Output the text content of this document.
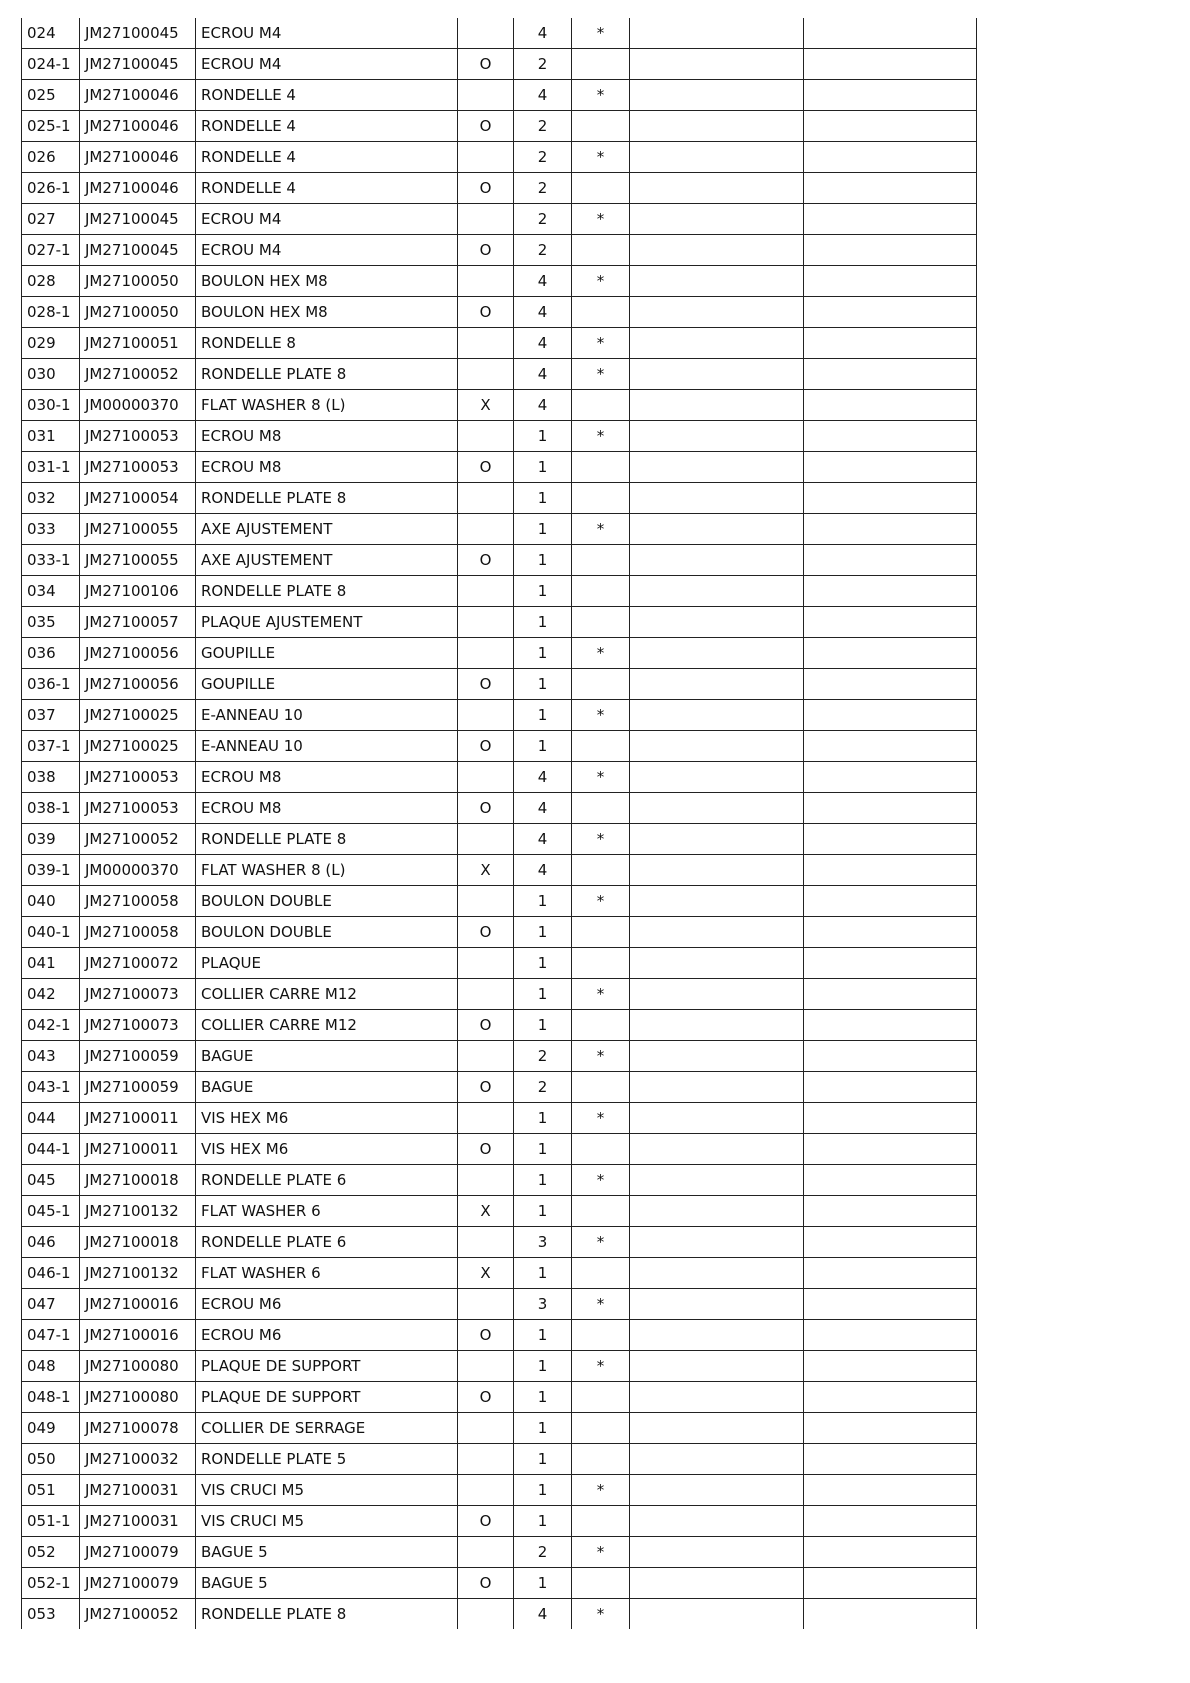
024	JM27100045	ECROU M4		4	*		
024-1	JM27100045	ECROU M4	O	2			
025	JM27100046	RONDELLE 4		4	*		
025-1	JM27100046	RONDELLE 4	O	2			
026	JM27100046	RONDELLE 4		2	*		
026-1	JM27100046	RONDELLE 4	O	2			
027	JM27100045	ECROU M4		2	*		
027-1	JM27100045	ECROU M4	O	2			
028	JM27100050	BOULON HEX M8		4	*		
028-1	JM27100050	BOULON HEX M8	O	4			
029	JM27100051	RONDELLE 8		4	*		
030	JM27100052	RONDELLE PLATE 8		4	*		
030-1	JM00000370	FLAT WASHER 8 (L)	X	4			
031	JM27100053	ECROU M8		1	*		
031-1	JM27100053	ECROU M8	O	1			
032	JM27100054	RONDELLE PLATE 8		1			
033	JM27100055	AXE AJUSTEMENT		1	*		
033-1	JM27100055	AXE AJUSTEMENT	O	1			
034	JM27100106	RONDELLE PLATE 8		1			
035	JM27100057	PLAQUE AJUSTEMENT		1			
036	JM27100056	GOUPILLE		1	*		
036-1	JM27100056	GOUPILLE	O	1			
037	JM27100025	E-ANNEAU 10		1	*		
037-1	JM27100025	E-ANNEAU 10	O	1			
038	JM27100053	ECROU M8		4	*		
038-1	JM27100053	ECROU M8	O	4			
039	JM27100052	RONDELLE PLATE 8		4	*		
039-1	JM00000370	FLAT WASHER 8 (L)	X	4			
040	JM27100058	BOULON DOUBLE		1	*		
040-1	JM27100058	BOULON DOUBLE	O	1			
041	JM27100072	PLAQUE		1			
042	JM27100073	COLLIER CARRE M12		1	*		
042-1	JM27100073	COLLIER CARRE M12	O	1			
043	JM27100059	BAGUE		2	*		
043-1	JM27100059	BAGUE	O	2			
044	JM27100011	VIS HEX M6		1	*		
044-1	JM27100011	VIS HEX M6	O	1			
045	JM27100018	RONDELLE PLATE 6		1	*		
045-1	JM27100132	FLAT WASHER 6	X	1			
046	JM27100018	RONDELLE PLATE 6		3	*		
046-1	JM27100132	FLAT WASHER 6	X	1			
047	JM27100016	ECROU M6		3	*		
047-1	JM27100016	ECROU M6	O	1			
048	JM27100080	PLAQUE DE SUPPORT		1	*		
048-1	JM27100080	PLAQUE DE SUPPORT	O	1			
049	JM27100078	COLLIER DE SERRAGE		1			
050	JM27100032	RONDELLE PLATE 5		1			
051	JM27100031	VIS CRUCI M5		1	*		
051-1	JM27100031	VIS CRUCI M5	O	1			
052	JM27100079	BAGUE 5		2	*		
052-1	JM27100079	BAGUE 5	O	1			
053	JM27100052	RONDELLE PLATE 8		4	*		
